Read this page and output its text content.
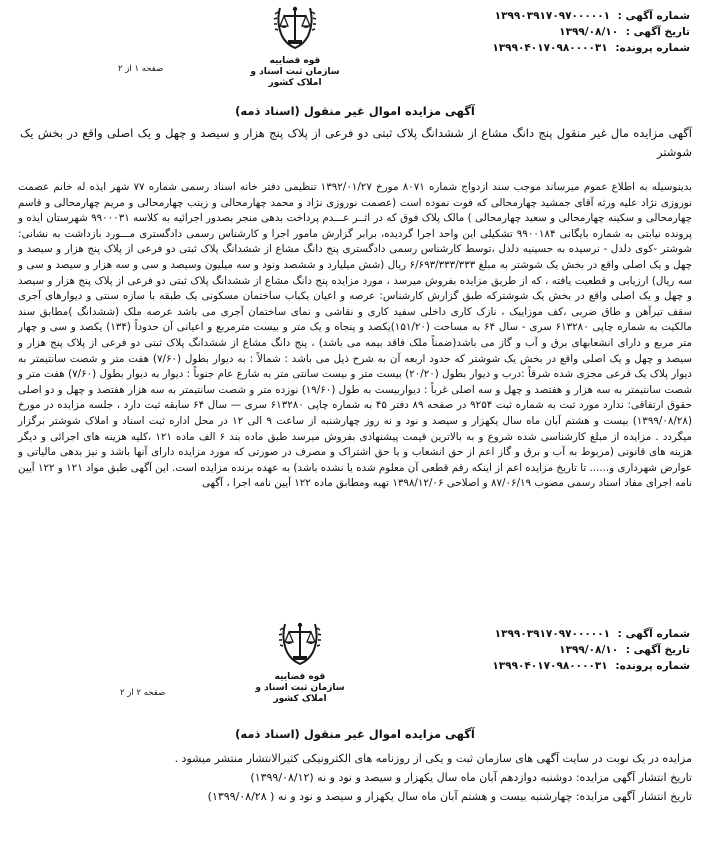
شماره آگهی : ۱۳۹۹۰۳۹۱۷۰۹۷۰۰۰۰۰۱
تاریخ آگهی : ۱۳۹۹/۰۸/۱۰
شماره پرونده: ۱۳۹۹۰۴۰۱۷۰۹۸۰۰۰۰۳۱
قوه قضاییه
سازمان ثبت اسناد و املاک کشور
صفحه ۱ از ۲
آگهی مزایده اموال غیر منقول (اسناد ذمه)
آگهی مزایده مال غیر منقول پنج دانگ مشاع از ششدانگ پلاک ثبتی دو فرعی از پلاک پنج هزار و سیصد و چهل و یک اصلی واقع در بخش یک شوشتر
بدینوسیله به اطلاع عموم میرساند موجب سند ازدواج شماره ۸۰۷۱ مورخ ۱۳۹۲/۰۱/۲۷ تنظیمی دفتر خانه اسناد رسمی شماره ۷۷ شهر ایذه له خانم عصمت نوروزی نژاد علیه ورثه آقای جمشید چهارمحالی که فوت نموده است (عصمت نوروزی نژاد و محمد چهارمحالی و زینب چهارمحالی و مریم چهارمحالی و قاسم چهارمحالی و سکینه چهارمحالی و سعید چهارمحالی ) مالک پلاک فوق که در اثــر عـــدم پرداخت بدهی منجر بصدور اجرائیه به کلاسه ۹۹۰۰۰۳۱ شهرستان ایذه و پرونده نیابتی به شماره بایگانی ۹۹۰۰۱۸۴ تشکیلی این واحد اجرا گردیده، برابر گزارش مامور اجرا و کارشناس رسمی دادگستری مـــورد بازداشت به نشانی: شوشتر -کوی دلدل - نرسیده به حسینیه دلدل ،توسط کارشناس رسمی دادگستری پنج دانگ مشاع از ششدانگ پلاک ثبتی دو فرعی از پلاک پنج هزار و سیصد و چهل و یک اصلی واقع در بخش یک شوشتر به مبلغ ۶/۶۹۳/۳۳۳/۳۳۳ ریال (شش میلیارد و ششصد ونود و سه میلیون وسیصد و سی و سه هزار و سیصد و سی و سه ریال) ارزیابی و قطعیت یافته ، که از طریق مزایده بفروش میرسد ، مورد مزایده پنج دانگ مشاع از ششدانگ پلاک ثبتی دو فرعی از پلاک پنج هزار و سیصد و چهل و یک اصلی واقع در بخش یک شوشترکه طبق گزارش کارشناس: عرصه و اعیان یکباب ساختمان مسکونی یک طبقه با سازه سنتی و دیوارهای آجری سقف تیرآهن و طاق ضربی ،کف موزاییک ، نازک کاری داخلی سفید کاری و نقاشی و نمای ساختمان آجری می باشد عرصه ملک (ششدانگ )مطابق سند مالکیت به شماره چاپی ۶۱۳۲۸۰ سری - سال ۶۴ به مساحت (۱۵۱/۲۰)یکصد و پنجاه و یک متر و بیست مترمربع و اعیانی آن حدوداً (۱۳۴) یکصد و سی و چهار متر مربع و دارای انشعابهای برق و آب و گاز می باشد(ضمناً ملک فاقد بیمه می باشد) ، پنج دانگ مشاع از ششدانگ پلاک ثبتی دو فرعی از پلاک پنج هزار و سیصد و چهل و یک اصلی واقع در بخش یک شوشتر که حدود اربعه آن به شرح ذیل می باشد : شمالاً : به دیوار بطول (۷/۶۰) هفت متر و شصت سانتیمتر به دیوار پلاک یک فرعی مجزی شده شرقاً :درب و دیوار بطول (۲۰/۲۰) بیست متر و بیست سانتی متر به شارع عام جنوباً : دیوار به دیوار بطول (۷/۶۰) هفت متر و شصت سانتیمتر به سه هزار و هفتصد و چهل و سه اصلی غرباً : دیواربیست به طول (۱۹/۶۰) نوزده متر و شصت سانتیمتر به سه هزار هفتصد و چهل و دو اصلی حقوق ارتفاقی: ندارد مورد ثبت به شماره ثبت ۹۲۵۴ در صفحه ۸۹ دفتر ۴۵ به شماره چاپی ۶۱۳۲۸۰ سری — سال ۶۴ سابقه ثبت دارد ، جلسه مزایده در مورخ (۱۳۹۹/۰۸/۲۸) بیست و هشتم آبان ماه سال یکهزار و سیصد و نود و نه روز چهارشنبه از ساعت ۹ الی ۱۲ در محل اداره ثبت اسناد و املاک شوشتر برگزار میگردد . مزایده از مبلغ کارشناسی شده شروع و به بالاترین قیمت پیشنهادی بفروش میرسد طبق ماده بند ۶ الف ماده ۱۲۱ ،کلیه هزینه های اجرائی و دیگر هزینه های قانونی (مربوط به آب و برق و گاز اعم از حق انشعاب و یا حق اشتراک و مصرف در صورتی که مورد مزایده دارای آنها باشد و نیز بدهی مالیاتی و عوارض شهرداری و...... تا تاریخ مزایده اعم از اینکه رقم قطعی آن معلوم شده یا نشده باشد) به عهده برنده مزایده است. این آگهی طبق مواد ۱۲۱ و ۱۲۲ آیین نامه اجرای مفاد اسناد رسمی مصوب ۸۷/۰۶/۱۹ و اصلاحی ۱۳۹۸/۱۲/۰۶ تهیه ومطابق ماده ۱۲۲ آیین نامه اجرا ، آگهی
شماره آگهی : ۱۳۹۹۰۳۹۱۷۰۹۷۰۰۰۰۰۱
تاریخ آگهی : ۱۳۹۹/۰۸/۱۰
شماره پرونده: ۱۳۹۹۰۴۰۱۷۰۹۸۰۰۰۰۳۱
قوه قضاییه
سازمان ثبت اسناد و املاک کشور
صفحه ۲ از ۲
آگهی مزایده اموال غیر منقول (اسناد ذمه)
مزایده در یک نوبت در سایت آگهی های سازمان ثبت و یکی از روزنامه های الکترونیکی کثیرالانتشار منتشر میشود .
تاریخ انتشار آگهی مزایده: دوشنبه دوازدهم آبان ماه سال یکهزار و سیصد و نود و نه (۱۳۹۹/۰۸/۱۲)
تاریخ انتشار آگهی مزایده: چهارشنبه بیست و هشتم آبان ماه سال یکهزار و سیصد و نود و نه ( ۱۳۹۹/۰۸/۲۸)
